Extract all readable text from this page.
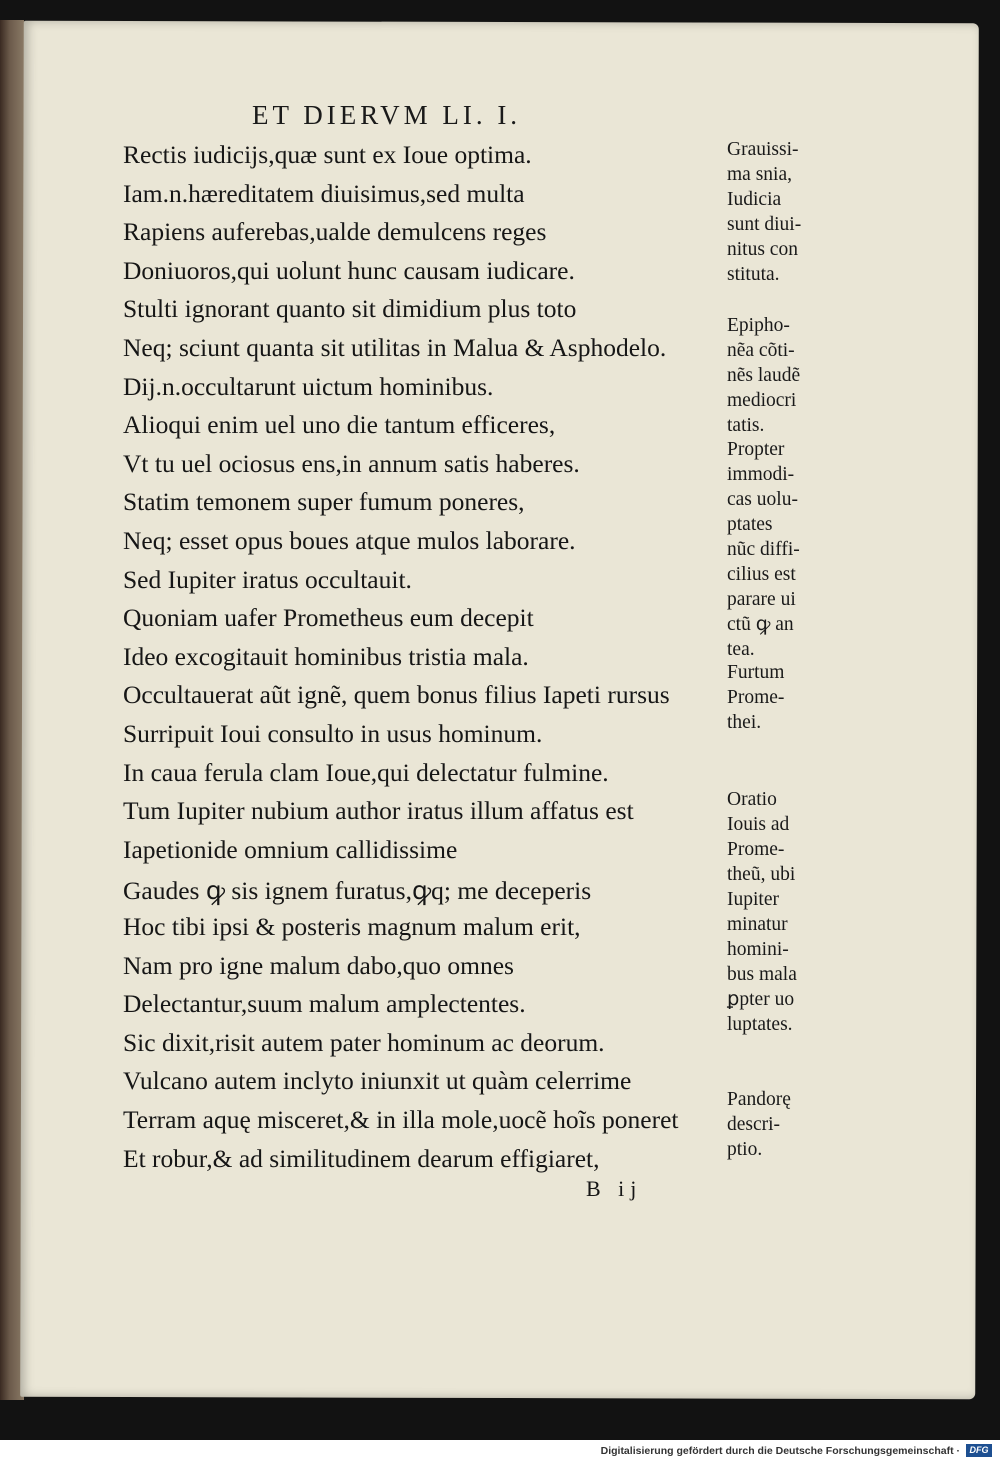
ET DIERVM LI. I.
Rectis iudicijs,quæ sunt ex Ioue optima.
Iam.n.hæreditatem diuisimus,sed multa
Rapiens auferebas,ualde demulcens reges
Doniuoros,qui uolunt hunc causam iudicare.
Stulti ignorant quanto sit dimidium plus toto
Neq; sciunt quanta sit utilitas in Malua & Asphodelo.
Dij.n.occultarunt uictum hominibus.
Alioqui enim uel uno die tantum efficeres,
Vt tu uel ociosus ens,in annum satis haberes.
Statim temonem super fumum poneres,
Neq; esset opus boues atque mulos laborare.
Sed Iupiter iratus occultauit.
Quoniam uafer Prometheus eum decepit
Ideo excogitauit hominibus tristia mala.
Occultauerat aũt ignẽ, quem bonus filius Iapeti rursus
Surripuit Ioui consulto in usus hominum.
In caua ferula clam Ioue,qui delectatur fulmine.
Tum Iupiter nubium author iratus illum affatus est
Iapetionide omnium callidissime
Gaudes ꝙ sis ignem furatus,ꝙq; me deceperis
Hoc tibi ipsi & posteris magnum malum erit,
Nam pro igne malum dabo,quo omnes
Delectantur,suum malum amplectentes.
Sic dixit,risit autem pater hominum ac deorum.
Vulcano autem inclyto iniunxit ut quàm celerrime
Terram aquę misceret,& in illa mole,uocẽ hoĩs poneret
Et robur,& ad similitudinem dearum effigiaret,
Grauissi-
ma snia,
Iudicia
sunt diui-
nitus con
stituta.
Epipho-
nẽa cõti-
nẽs laudẽ
mediocri
tatis.
Propter
immodi-
cas uolu-
ptates
nũc diffi-
cilius est
parare ui
ctũ ꝙ an
tea.
Furtum
Prome-
thei.
Oratio
Iouis ad
Prome-
theũ, ubi
Iupiter
minatur
homini-
bus mala
ꝑpter uo
luptates.
Pandorę
descri-
ptio.
B ij
Digitalisierung gefördert durch die Deutsche Forschungsgemeinschaft ·	DFG
